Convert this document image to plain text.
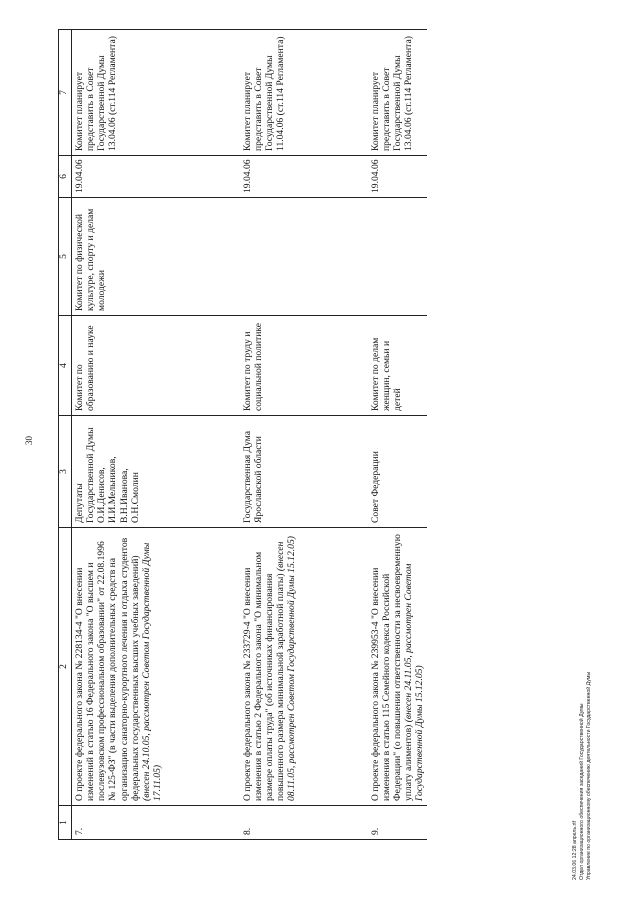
30
1	2	3	4	5	6	7
7.	О проекте федерального закона № 228134-4 "О внесении изменений в статью 16 Федерального закона "О высшем и послевузовском профессиональном образовании" от 22.08.1996 № 125-ФЗ" (в части выделения дополнительных средств на организацию санаторно-курортного лечения и отдыха студентов федеральных государственных высших учебных заведений) (внесен 24.10.05, рассмотрен Советом Государственной Думы 17.11.05)	Депутаты Государственной Думы О.И.Денисов, И.И.Мельников, В.Н.Иванова, О.Н.Смолин	Комитет по образованию и науке	Комитет по физической культуре, спорту и делам молодежи	19.04.06	Комитет планирует представить в Совет Государственной Думы 13.04.06 (ст.114 Регламента)
8.	О проекте федерального закона № 233729-4 "О внесении изменения в статью 2 Федерального закона "О минимальном размере оплаты труда" (об источниках финансирования повышенного размера минимальной заработной платы) (внесен 08.11.05, рассмотрен Советом Государственной Думы 15.12.05)	Государственная Дума Ярославской области	Комитет по труду и социальной политике		19.04.06	Комитет планирует представить в Совет Государственной Думы 11.04.06 (ст.114 Регламента)
9.	О проекте федерального закона № 239953-4 "О внесении изменения в статью 115 Семейного кодекса Российской Федерации" (о повышении ответственности за несвоевременную уплату алиментов) (внесен 24.11.05, рассмотрен Советом Государственной Думы 15.12.05)	Совет Федерации	Комитет по делам женщин, семьи и детей		19.04.06	Комитет планирует представить в Совет Государственной Думы 13.04.06 (ст.114 Регламента)
24.03.06 12:28 апрель.rtf Отдел организационного обеспечения заседаний Государственной Думы Управление по организационному обеспечению деятельности Государственной Думы
